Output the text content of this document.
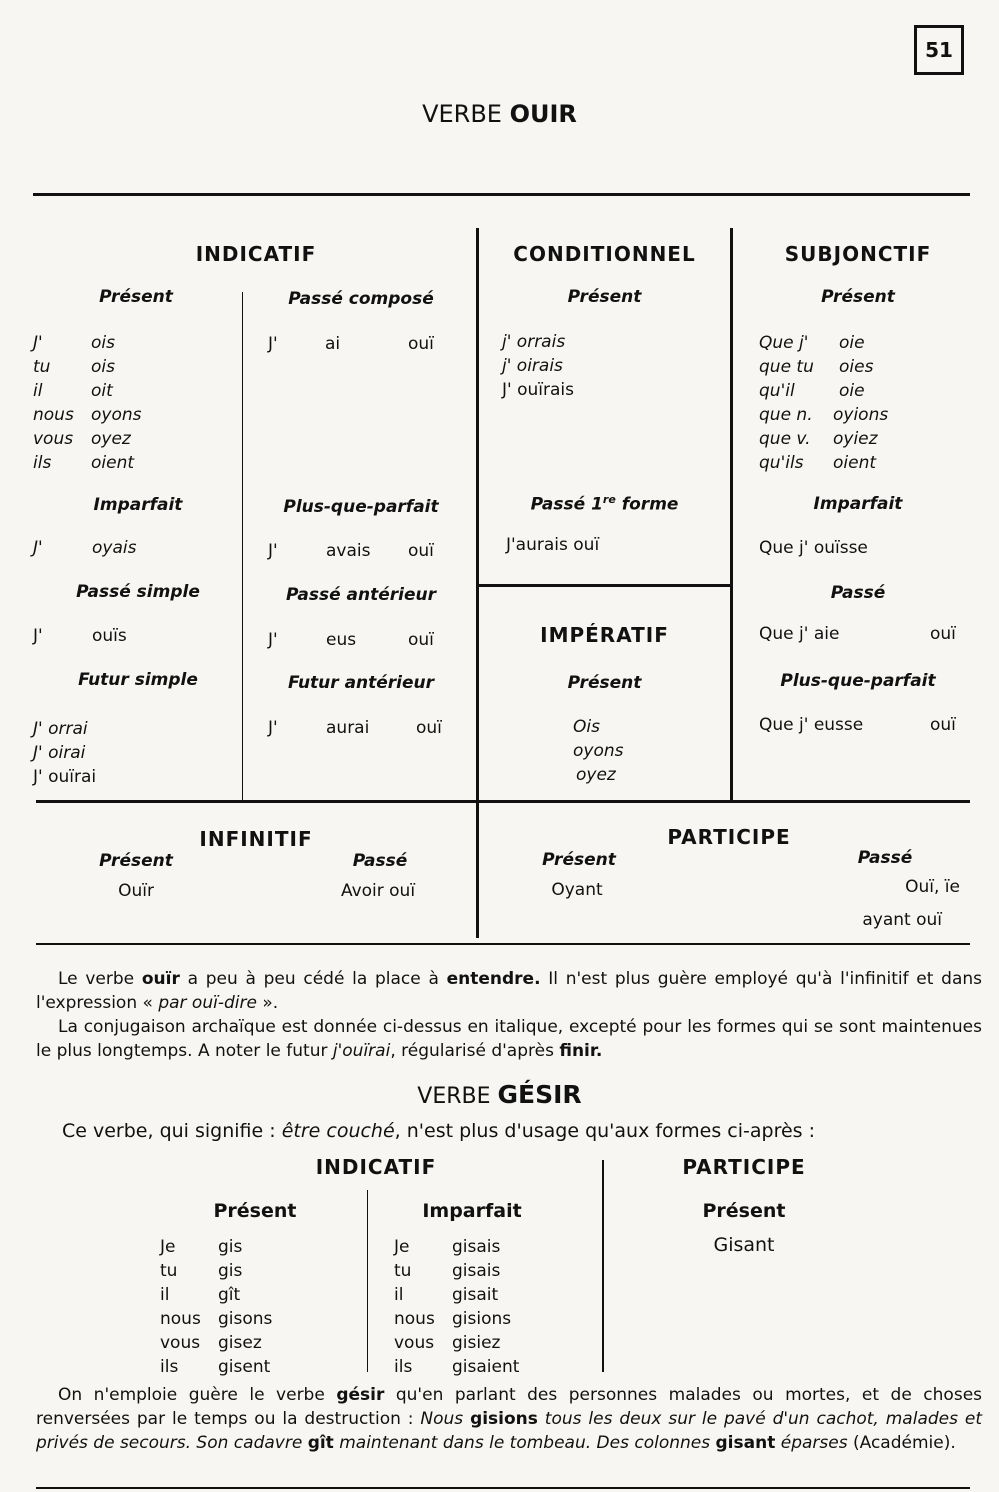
51
VERBE OUIR
INDICATIF
Présent
J'	ois
tu	ois
il	oit
nous	oyons
vous	oyez
ils	oient
Passé composé
J'	ai	ouï
Imparfait
J'	oyais
Plus-que-parfait
J'	avais ouï
Passé simple
J'	ouïs
Passé antérieur
J'	eus	ouï
Futur simple
J' orrai
J' oirai
J' ouïrai
Futur antérieur
J'	aurai	ouï
CONDITIONNEL
Présent
j' orrais
j' oirais
J' ouïrais
Passé 1re forme
J'aurais ouï
IMPÉRATIF
Présent
Ois
oyons
oyez
SUBJONCTIF
Présent
Que j'	oie
que tu	oies
qu'il	oie
que n.	oyions
que v.	oyiez
qu'ils	oient
Imparfait
Que j' ouïsse
Passé
Que j' aie	ouï
Plus-que-parfait
Que j' eusse	ouï
INFINITIF
Présent
Ouïr
Passé
Avoir ouï
PARTICIPE
Présent
Oyant
Passé
Ouï, ïe
ayant ouï
Le verbe ouïr a peu à peu cédé la place à entendre. Il n'est plus guère employé qu'à l'infinitif et dans l'expression « par ouï-dire ».
La conjugaison archaïque est donnée ci-dessus en italique, excepté pour les formes qui se sont maintenues le plus longtemps. A noter le futur j'ouïrai, régularisé d'après finir.
VERBE GÉSIR
Ce verbe, qui signifie : être couché, n'est plus d'usage qu'aux formes ci-après :
INDICATIF	PARTICIPE
Présent
Je	gis
tu	gis
il	gît
nous	gisons
vous	gisez
ils	gisent
Imparfait
Je	gisais
tu	gisais
il	gisait
nous	gisions
vous	gisiez
ils	gisaient
Présent
Gisant
On n'emploie guère le verbe gésir qu'en parlant des personnes malades ou mortes, et de choses renversées par le temps ou la destruction : Nous gisions tous les deux sur le pavé d'un cachot, malades et privés de secours. Son cadavre gît maintenant dans le tombeau. Des colonnes gisant éparses (Académie).
